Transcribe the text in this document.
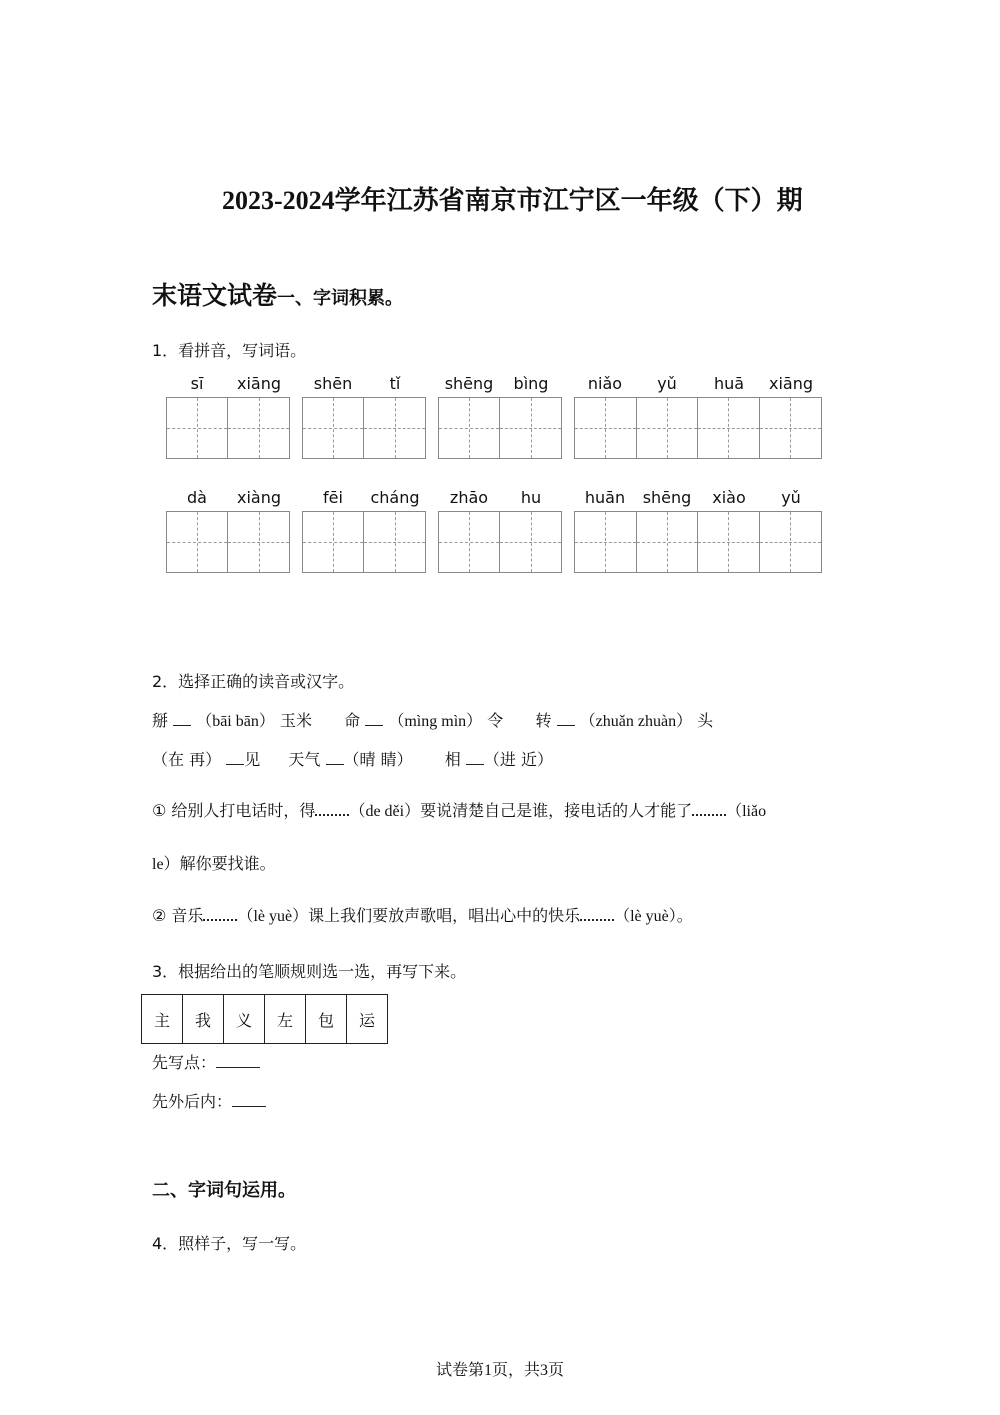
2023-2024学年江苏省南京市江宁区一年级（下）期
末语文试卷一、字词积累。
1．看拼音，写词语。
sī	xiāng	shēn	tǐ	shēng	bìng	niǎo	yǔ	huā	xiāng
dà	xiàng	fēi	cháng	zhāo	hu	huān	shēng	xiào	yǔ
2．选择正确的读音或汉字。
掰 （bāi bān） 玉米 命 （mìng mìn） 令 转 （zhuǎn zhuàn） 头
（在 再） 见 天气 （晴 睛） 相 （进 近）
① 给别人打电话时，得 （de děi）要说清楚自己是谁，接电话的人才能了 （liǎo
le）解你要找谁。
② 音乐 （lè yuè）课上我们要放声歌唱，唱出心中的快乐 （lè yuè）。
3．根据给出的笔顺规则选一选，再写下来。
主	我	义	左	包	运
先写点：
先外后内：
二、字词句运用。
4．照样子，写一写。
试卷第1页，共3页
